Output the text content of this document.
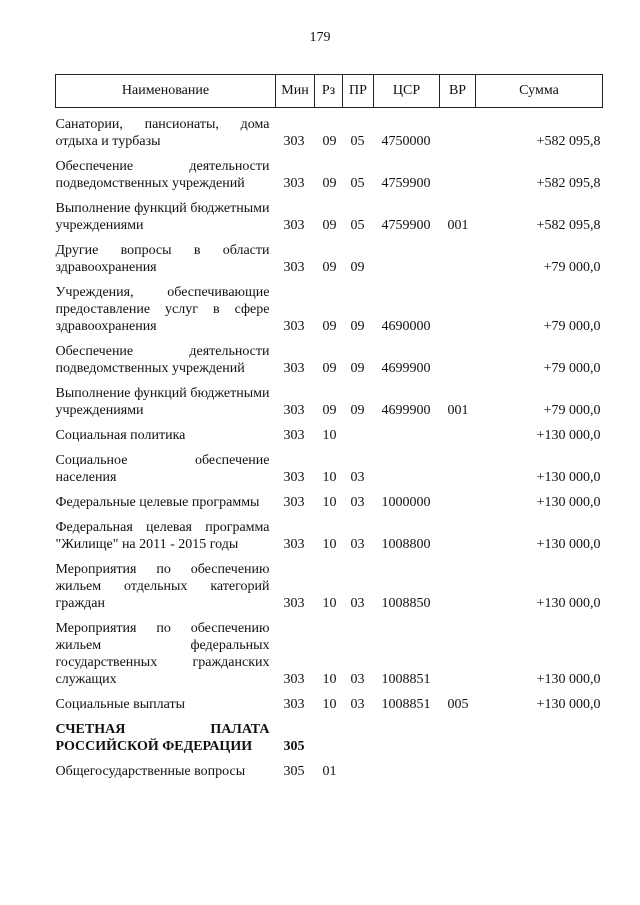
179
Наименование	Мин	Рз	ПР	ЦСР	ВР	Сумма
Санатории, пансионаты, дома отдыха и турбазы	303	09	05	4750000		+582 095,8
Обеспечение деятельности подведомственных учреждений	303	09	05	4759900		+582 095,8
Выполнение функций бюджетными учреждениями	303	09	05	4759900	001	+582 095,8
Другие вопросы в области здравоохранения	303	09	09			+79 000,0
Учреждения, обеспечивающие предоставление услуг в сфере здравоохранения	303	09	09	4690000		+79 000,0
Обеспечение деятельности подведомственных учреждений	303	09	09	4699900		+79 000,0
Выполнение функций бюджетными учреждениями	303	09	09	4699900	001	+79 000,0
Социальная политика	303	10				+130 000,0
Социальное обеспечение населения	303	10	03			+130 000,0
Федеральные целевые программы	303	10	03	1000000		+130 000,0
Федеральная целевая программа "Жилище" на 2011 - 2015 годы	303	10	03	1008800		+130 000,0
Мероприятия по обеспечению жильем отдельных категорий граждан	303	10	03	1008850		+130 000,0
Мероприятия по обеспечению жильем федеральных государственных гражданских служащих	303	10	03	1008851		+130 000,0
Социальные выплаты	303	10	03	1008851	005	+130 000,0
СЧЕТНАЯ ПАЛАТА РОССИЙСКОЙ ФЕДЕРАЦИИ	305					
Общегосударственные вопросы	305	01				
